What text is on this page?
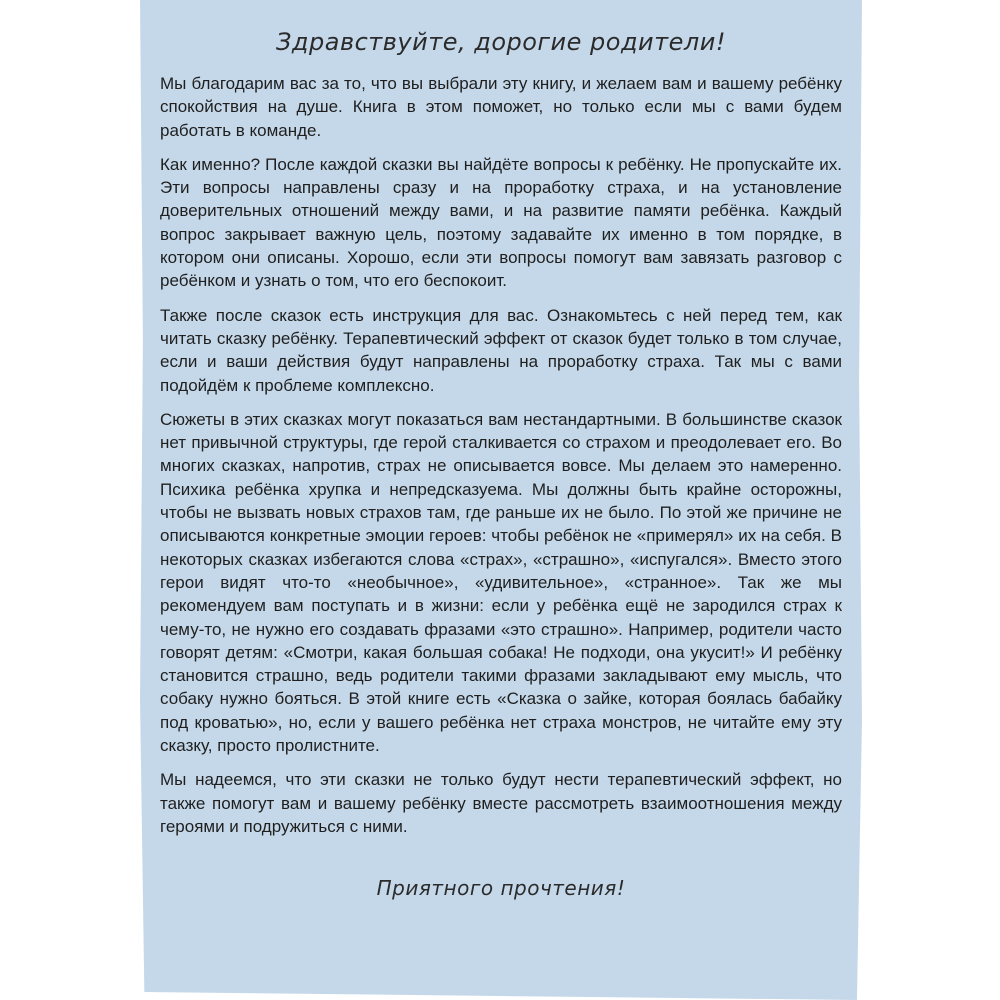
Здравствуйте, дорогие родители!

Мы благодарим вас за то, что вы выбрали эту книгу, и желаем вам и вашему ребёнку спокойствия на душе. Книга в этом поможет, но только если мы с вами будем работать в команде.

Как именно? После каждой сказки вы найдёте вопросы к ребёнку. Не пропускайте их. Эти вопросы направлены сразу и на проработку страха, и на установление доверительных отношений между вами, и на развитие памяти ребёнка. Каждый вопрос закрывает важную цель, поэтому задавайте их именно в том порядке, в котором они описаны. Хорошо, если эти вопросы помогут вам завязать разговор с ребёнком и узнать о том, что его беспокоит.

Также после сказок есть инструкция для вас. Ознакомьтесь с ней перед тем, как читать сказку ребёнку. Терапевтический эффект от сказок будет только в том случае, если и ваши действия будут направлены на проработку страха. Так мы с вами подойдём к проблеме комплексно.

Сюжеты в этих сказках могут показаться вам нестандартными. В большинстве сказок нет привычной структуры, где герой сталкивается со страхом и преодолевает его. Во многих сказках, напротив, страх не описывается вовсе. Мы делаем это намеренно. Психика ребёнка хрупка и непредсказуема. Мы должны быть крайне осторожны, чтобы не вызвать новых страхов там, где раньше их не было. По этой же причине не описываются конкретные эмоции героев: чтобы ребёнок не «примерял» их на себя. В некоторых сказках избегаются слова «страх», «страшно», «испугался». Вместо этого герои видят что-то «необычное», «удивительное», «странное». Так же мы рекомендуем вам поступать и в жизни: если у ребёнка ещё не зародился страх к чему-то, не нужно его создавать фразами «это страшно». Например, родители часто говорят детям: «Смотри, какая большая собака! Не подходи, она укусит!» И ребёнку становится страшно, ведь родители такими фразами закладывают ему мысль, что собаку нужно бояться. В этой книге есть «Сказка о зайке, которая боялась бабайку под кроватью», но, если у вашего ребёнка нет страха монстров, не читайте ему эту сказку, просто пролистните.

Мы надеемся, что эти сказки не только будут нести терапевтический эффект, но также помогут вам и вашему ребёнку вместе рассмотреть взаимоотношения между героями и подружиться с ними.

Приятного прочтения!
